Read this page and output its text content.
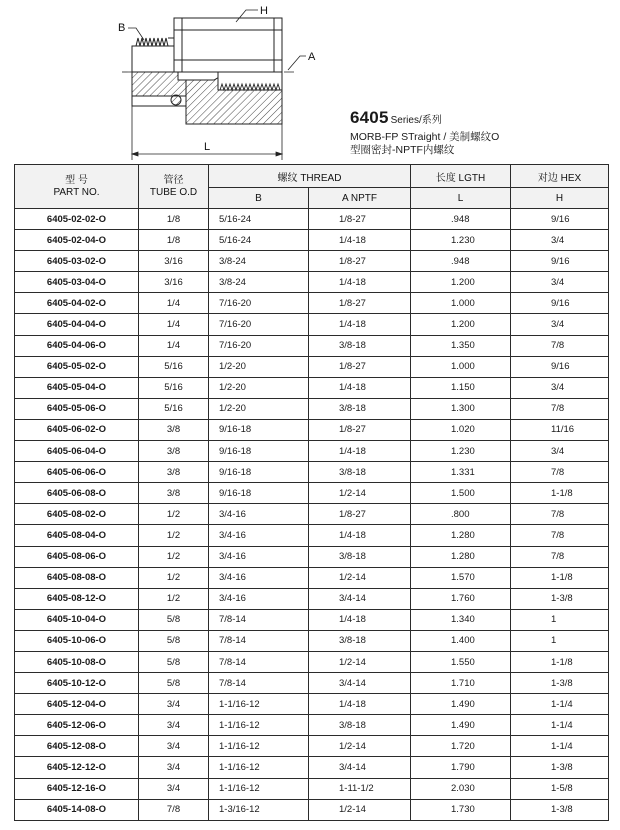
H
B
A
L
6405 Series/系列
MORB-FP STraight / 美制螺纹O
型圈密封-NPTF内螺纹
型 号
PART NO.	管径
TUBE O.D	螺纹 THREAD		长度 LGTH	对边 HEX
		B	A NPTF	L	H
6405-02-02-O	1/8	5/16-24	1/8-27	.948	9/16
6405-02-04-O	1/8	5/16-24	1/4-18	1.230	3/4
6405-03-02-O	3/16	3/8-24	1/8-27	.948	9/16
6405-03-04-O	3/16	3/8-24	1/4-18	1.200	3/4
6405-04-02-O	1/4	7/16-20	1/8-27	1.000	9/16
6405-04-04-O	1/4	7/16-20	1/4-18	1.200	3/4
6405-04-06-O	1/4	7/16-20	3/8-18	1.350	7/8
6405-05-02-O	5/16	1/2-20	1/8-27	1.000	9/16
6405-05-04-O	5/16	1/2-20	1/4-18	1.150	3/4
6405-05-06-O	5/16	1/2-20	3/8-18	1.300	7/8
6405-06-02-O	3/8	9/16-18	1/8-27	1.020	11/16
6405-06-04-O	3/8	9/16-18	1/4-18	1.230	3/4
6405-06-06-O	3/8	9/16-18	3/8-18	1.331	7/8
6405-06-08-O	3/8	9/16-18	1/2-14	1.500	1-1/8
6405-08-02-O	1/2	3/4-16	1/8-27	.800	7/8
6405-08-04-O	1/2	3/4-16	1/4-18	1.280	7/8
6405-08-06-O	1/2	3/4-16	3/8-18	1.280	7/8
6405-08-08-O	1/2	3/4-16	1/2-14	1.570	1-1/8
6405-08-12-O	1/2	3/4-16	3/4-14	1.760	1-3/8
6405-10-04-O	5/8	7/8-14	1/4-18	1.340	1
6405-10-06-O	5/8	7/8-14	3/8-18	1.400	1
6405-10-08-O	5/8	7/8-14	1/2-14	1.550	1-1/8
6405-10-12-O	5/8	7/8-14	3/4-14	1.710	1-3/8
6405-12-04-O	3/4	1-1/16-12	1/4-18	1.490	1-1/4
6405-12-06-O	3/4	1-1/16-12	3/8-18	1.490	1-1/4
6405-12-08-O	3/4	1-1/16-12	1/2-14	1.720	1-1/4
6405-12-12-O	3/4	1-1/16-12	3/4-14	1.790	1-3/8
6405-12-16-O	3/4	1-1/16-12	1-11-1/2	2.030	1-5/8
6405-14-08-O	7/8	1-3/16-12	1/2-14	1.730	1-3/8
